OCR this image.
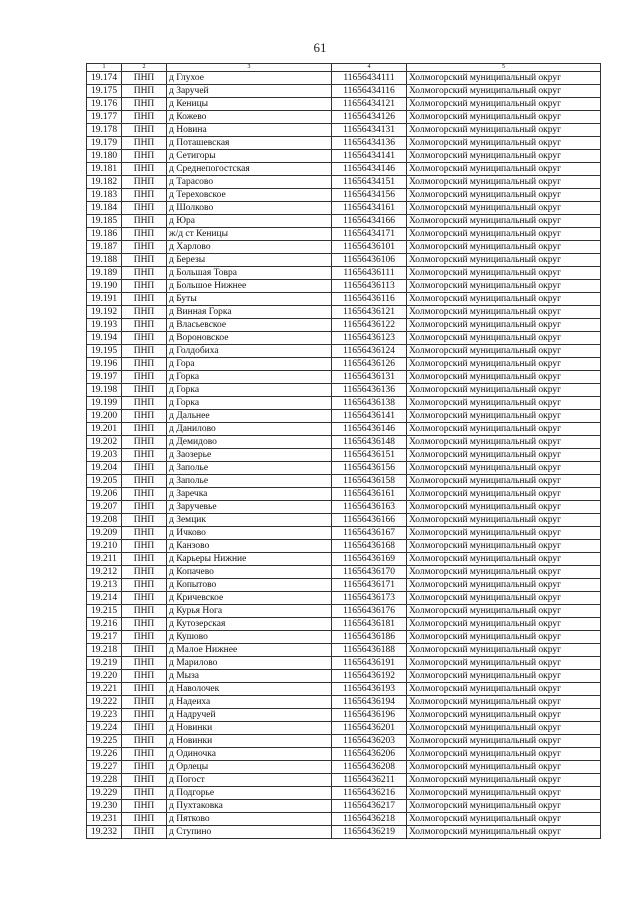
61
1	2	3	4	5
19.174	ПНП	д Глухое	11656434111	Холмогорский муниципальный округ
19.175	ПНП	д Заручей	11656434116	Холмогорский муниципальный округ
19.176	ПНП	д Кеницы	11656434121	Холмогорский муниципальный округ
19.177	ПНП	д Кожево	11656434126	Холмогорский муниципальный округ
19.178	ПНП	д Новина	11656434131	Холмогорский муниципальный округ
19.179	ПНП	д Поташевская	11656434136	Холмогорский муниципальный округ
19.180	ПНП	д Сетигоры	11656434141	Холмогорский муниципальный округ
19.181	ПНП	д Среднепогостская	11656434146	Холмогорский муниципальный округ
19.182	ПНП	д Тарасово	11656434151	Холмогорский муниципальный округ
19.183	ПНП	д Тереховское	11656434156	Холмогорский муниципальный округ
19.184	ПНП	д Шолково	11656434161	Холмогорский муниципальный округ
19.185	ПНП	д Юра	11656434166	Холмогорский муниципальный округ
19.186	ПНП	ж/д ст Кеницы	11656434171	Холмогорский муниципальный округ
19.187	ПНП	д Харлово	11656436101	Холмогорский муниципальный округ
19.188	ПНП	д Березы	11656436106	Холмогорский муниципальный округ
19.189	ПНП	д Большая Товра	11656436111	Холмогорский муниципальный округ
19.190	ПНП	д Большое Нижнее	11656436113	Холмогорский муниципальный округ
19.191	ПНП	д Буты	11656436116	Холмогорский муниципальный округ
19.192	ПНП	д Винная Горка	11656436121	Холмогорский муниципальный округ
19.193	ПНП	д Власьевское	11656436122	Холмогорский муниципальный округ
19.194	ПНП	д Вороновское	11656436123	Холмогорский муниципальный округ
19.195	ПНП	д Голдобиха	11656436124	Холмогорский муниципальный округ
19.196	ПНП	д Гора	11656436126	Холмогорский муниципальный округ
19.197	ПНП	д Горка	11656436131	Холмогорский муниципальный округ
19.198	ПНП	д Горка	11656436136	Холмогорский муниципальный округ
19.199	ПНП	д Горка	11656436138	Холмогорский муниципальный округ
19.200	ПНП	д Дальнее	11656436141	Холмогорский муниципальный округ
19.201	ПНП	д Данилово	11656436146	Холмогорский муниципальный округ
19.202	ПНП	д Демидово	11656436148	Холмогорский муниципальный округ
19.203	ПНП	д Заозерье	11656436151	Холмогорский муниципальный округ
19.204	ПНП	д Заполье	11656436156	Холмогорский муниципальный округ
19.205	ПНП	д Заполье	11656436158	Холмогорский муниципальный округ
19.206	ПНП	д Заречка	11656436161	Холмогорский муниципальный округ
19.207	ПНП	д Заручевье	11656436163	Холмогорский муниципальный округ
19.208	ПНП	д Земцик	11656436166	Холмогорский муниципальный округ
19.209	ПНП	д Ичково	11656436167	Холмогорский муниципальный округ
19.210	ПНП	д Канзово	11656436168	Холмогорский муниципальный округ
19.211	ПНП	д Карьеры Нижние	11656436169	Холмогорский муниципальный округ
19.212	ПНП	д Копачево	11656436170	Холмогорский муниципальный округ
19.213	ПНП	д Копытово	11656436171	Холмогорский муниципальный округ
19.214	ПНП	д Кричевское	11656436173	Холмогорский муниципальный округ
19.215	ПНП	д Курья Нога	11656436176	Холмогорский муниципальный округ
19.216	ПНП	д Кутозерская	11656436181	Холмогорский муниципальный округ
19.217	ПНП	д Кушово	11656436186	Холмогорский муниципальный округ
19.218	ПНП	д Малое Нижнее	11656436188	Холмогорский муниципальный округ
19.219	ПНП	д Марилово	11656436191	Холмогорский муниципальный округ
19.220	ПНП	д Мыза	11656436192	Холмогорский муниципальный округ
19.221	ПНП	д Наволочек	11656436193	Холмогорский муниципальный округ
19.222	ПНП	д Надеиха	11656436194	Холмогорский муниципальный округ
19.223	ПНП	д Надручей	11656436196	Холмогорский муниципальный округ
19.224	ПНП	д Новинки	11656436201	Холмогорский муниципальный округ
19.225	ПНП	д Новинки	11656436203	Холмогорский муниципальный округ
19.226	ПНП	д Одиночка	11656436206	Холмогорский муниципальный округ
19.227	ПНП	д Орлецы	11656436208	Холмогорский муниципальный округ
19.228	ПНП	д Погост	11656436211	Холмогорский муниципальный округ
19.229	ПНП	д Подгорье	11656436216	Холмогорский муниципальный округ
19.230	ПНП	д Пухтаковка	11656436217	Холмогорский муниципальный округ
19.231	ПНП	д Пятково	11656436218	Холмогорский муниципальный округ
19.232	ПНП	д Ступино	11656436219	Холмогорский муниципальный округ
